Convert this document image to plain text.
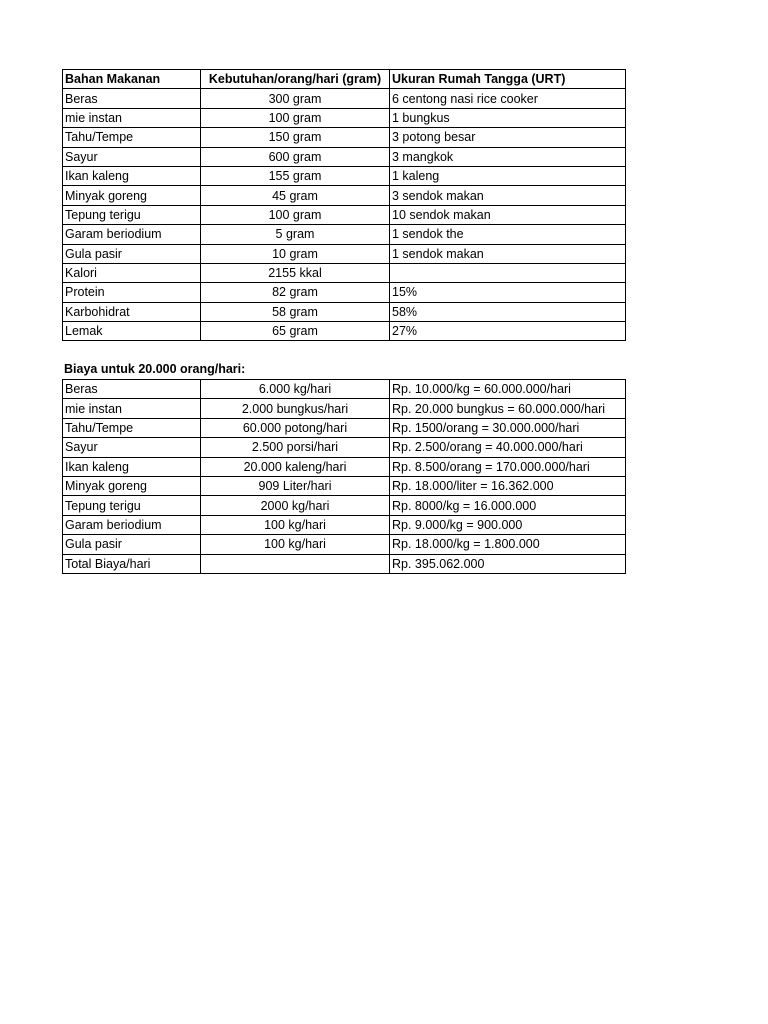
Bahan Makanan	Kebutuhan/orang/hari (gram)	Ukuran Rumah Tangga (URT)
Beras	300 gram	6 centong nasi rice cooker
mie instan	100 gram	1 bungkus
Tahu/Tempe	150 gram	3 potong besar
Sayur	600 gram	3 mangkok
Ikan kaleng	155 gram	1 kaleng
Minyak goreng	45 gram	3 sendok makan
Tepung terigu	100 gram	10 sendok makan
Garam beriodium	5 gram	1 sendok the
Gula pasir	10 gram	1 sendok makan
Kalori	2155 kkal	
Protein	82 gram	15%
Karbohidrat	58 gram	58%
Lemak	65 gram	27%
Biaya untuk 20.000 orang/hari:
Beras	6.000 kg/hari	Rp. 10.000/kg = 60.000.000/hari
mie instan	2.000 bungkus/hari	Rp. 20.000 bungkus = 60.000.000/hari
Tahu/Tempe	60.000 potong/hari	Rp. 1500/orang = 30.000.000/hari
Sayur	2.500 porsi/hari	Rp. 2.500/orang = 40.000.000/hari
Ikan kaleng	20.000 kaleng/hari	Rp. 8.500/orang = 170.000.000/hari
Minyak goreng	909 Liter/hari	Rp. 18.000/liter = 16.362.000
Tepung terigu	2000 kg/hari	Rp. 8000/kg = 16.000.000
Garam beriodium	100 kg/hari	Rp. 9.000/kg = 900.000
Gula pasir	100 kg/hari	Rp. 18.000/kg = 1.800.000
Total Biaya/hari		Rp. 395.062.000
